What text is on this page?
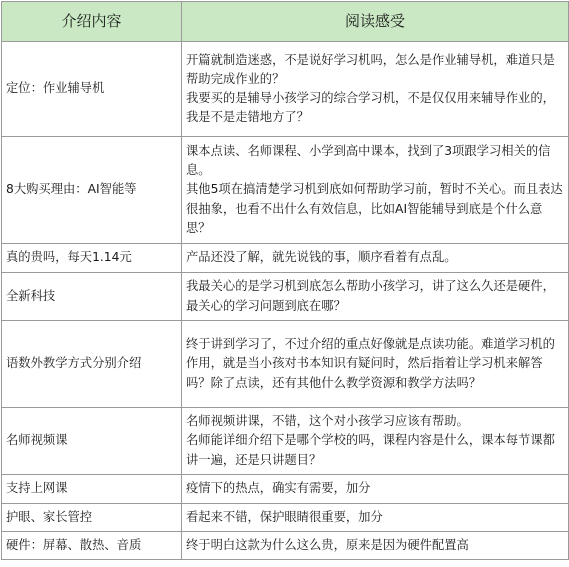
介绍内容	阅读感受
定位：作业辅导机	开篇就制造迷惑，不是说好学习机吗，怎么是作业辅导机，难道只是帮助完成作业的？
我要买的是辅导小孩学习的综合学习机，不是仅仅用来辅导作业的，我是不是走错地方了？

8大购买理由：AI智能等	课本点读、名师课程、小学到高中课本，找到了3项跟学习相关的信息。
其他5项在搞清楚学习机到底如何帮助学习前，暂时不关心。而且表达很抽象，也看不出什么有效信息，比如AI智能辅导到底是个什么意思？

真的贵吗，每天1.14元	产品还没了解，就先说钱的事，顺序看着有点乱。

全新科技	我最关心的是学习机到底怎么帮助小孩学习，讲了这么久还是硬件，最关心的学习问题到底在哪？

语数外教学方式分别介绍	终于讲到学习了，不过介绍的重点好像就是点读功能。难道学习机的作用，就是当小孩对书本知识有疑问时，然后指着让学习机来解答吗？除了点读，还有其他什么教学资源和教学方法吗？

名师视频课	名师视频讲课，不错，这个对小孩学习应该有帮助。
名师能详细介绍下是哪个学校的吗，课程内容是什么，课本每节课都讲一遍，还是只讲题目？

支持上网课	疫情下的热点，确实有需要，加分

护眼、家长管控	看起来不错，保护眼睛很重要，加分

硬件：屏幕、散热、音质	终于明白这款为什么这么贵，原来是因为硬件配置高
